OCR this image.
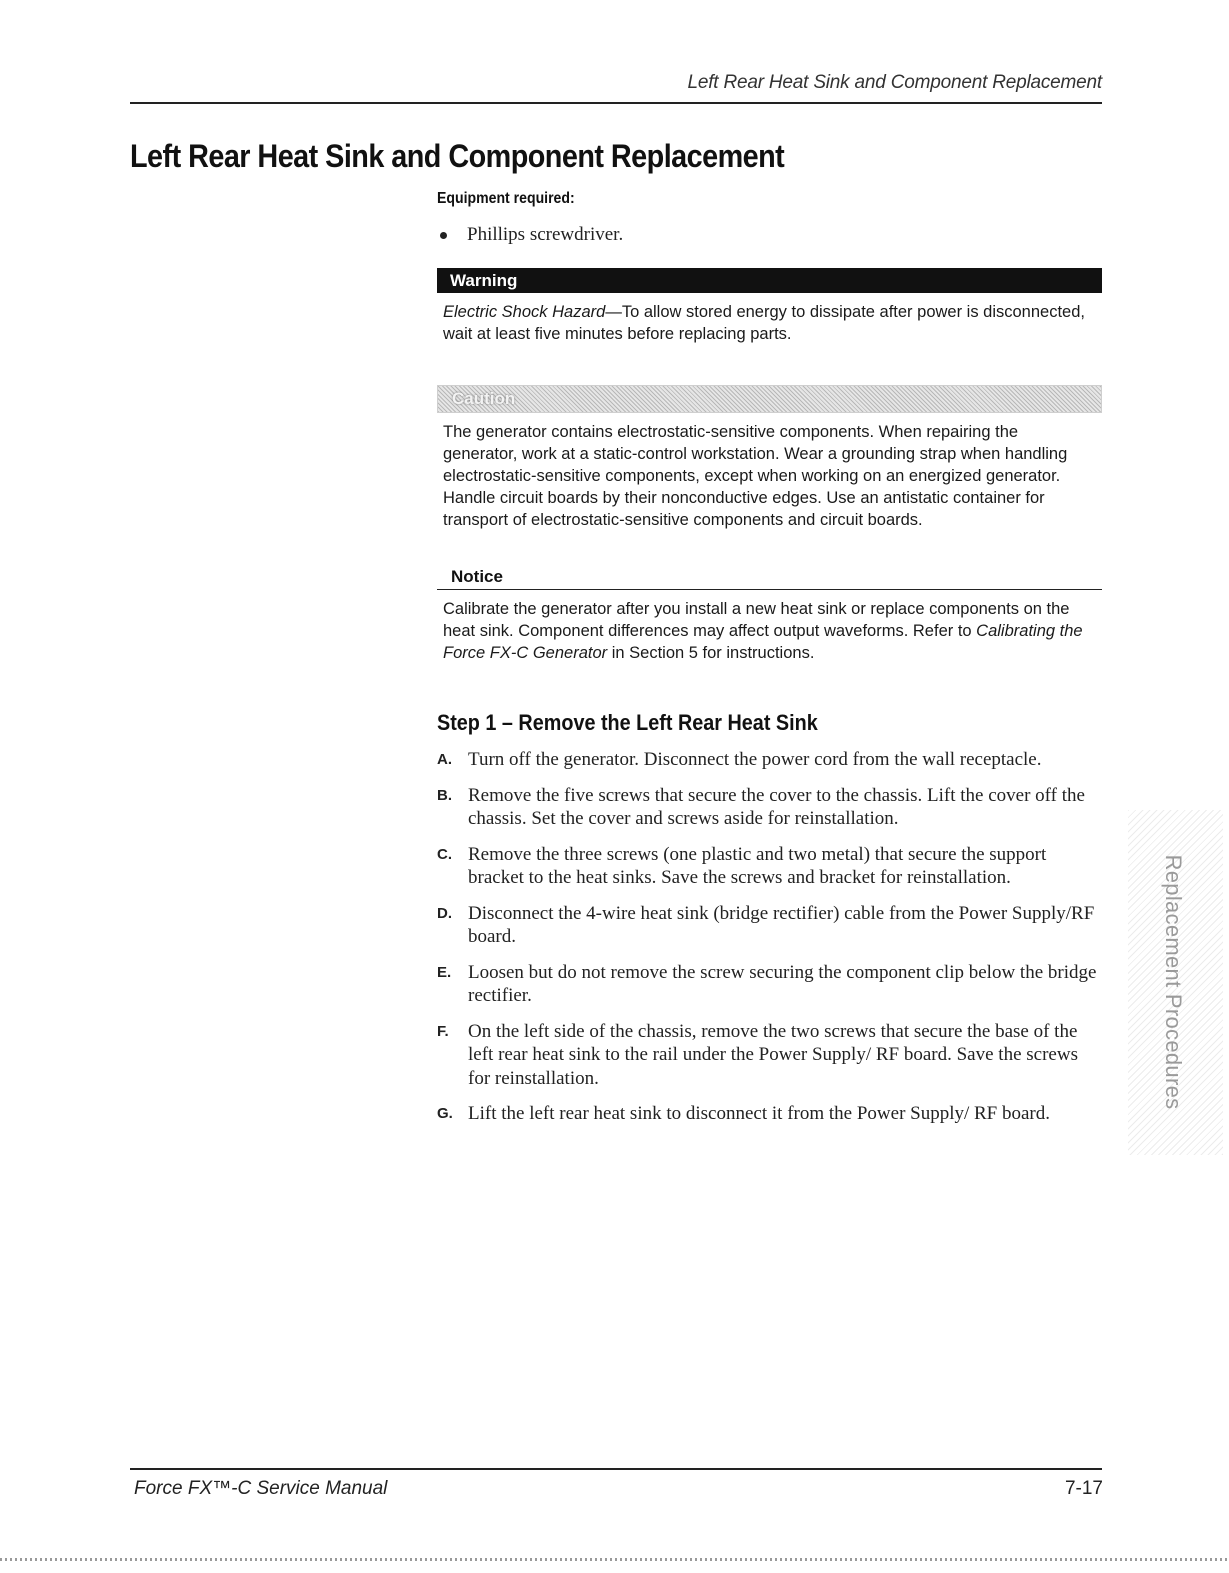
Left Rear Heat Sink and Component Replacement
Left Rear Heat Sink and Component Replacement
Equipment required:
Phillips screwdriver.
Warning

Electric Shock Hazard—To allow stored energy to dissipate after power is disconnected, wait at least five minutes before replacing parts.

Caution

The generator contains electrostatic-sensitive components. When repairing the generator, work at a static-control workstation. Wear a grounding strap when handling electrostatic-sensitive components, except when working on an energized generator. Handle circuit boards by their nonconductive edges. Use an antistatic container for transport of electrostatic-sensitive components and circuit boards.

Notice

Calibrate the generator after you install a new heat sink or replace components on the heat sink. Component differences may affect output waveforms. Refer to Calibrating the Force FX-C Generator in Section 5 for instructions.

Step 1 – Remove the Left Rear Heat Sink
A. Turn off the generator. Disconnect the power cord from the wall receptacle.
B. Remove the five screws that secure the cover to the chassis. Lift the cover off the chassis. Set the cover and screws aside for reinstallation.
C. Remove the three screws (one plastic and two metal) that secure the support bracket to the heat sinks. Save the screws and bracket for reinstallation.
D. Disconnect the 4-wire heat sink (bridge rectifier) cable from the Power Supply/RF board.
E. Loosen but do not remove the screw securing the component clip below the bridge rectifier.
F. On the left side of the chassis, remove the two screws that secure the base of the left rear heat sink to the rail under the Power Supply/ RF board. Save the screws for reinstallation.
G. Lift the left rear heat sink to disconnect it from the Power Supply/ RF board.
Replacement Procedures
Force FX™-C Service Manual	7-17
